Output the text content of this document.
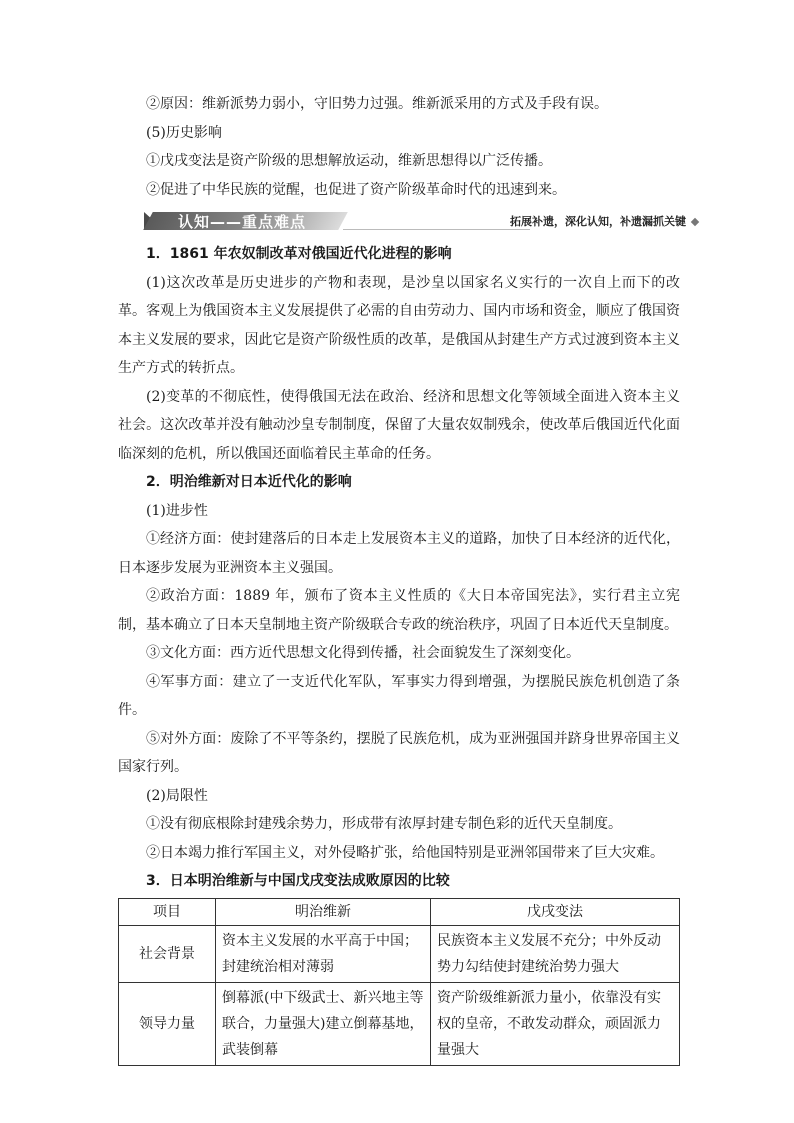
②原因：维新派势力弱小，守旧势力过强。维新派采用的方式及手段有误。

(5)历史影响

①戊戌变法是资产阶级的思想解放运动，维新思想得以广泛传播。

②促进了中华民族的觉醒，也促进了资产阶级革命时代的迅速到来。

认知——重点难点	拓展补遗，深化认知，补遗漏抓关键

1．1861 年农奴制改革对俄国近代化进程的影响

(1)这次改革是历史进步的产物和表现，是沙皇以国家名义实行的一次自上而下的改革。客观上为俄国资本主义发展提供了必需的自由劳动力、国内市场和资金，顺应了俄国资本主义发展的要求，因此它是资产阶级性质的改革，是俄国从封建生产方式过渡到资本主义生产方式的转折点。

(2)变革的不彻底性，使得俄国无法在政治、经济和思想文化等领域全面进入资本主义社会。这次改革并没有触动沙皇专制制度，保留了大量农奴制残余，使改革后俄国近代化面临深刻的危机，所以俄国还面临着民主革命的任务。

2．明治维新对日本近代化的影响

(1)进步性

①经济方面：使封建落后的日本走上发展资本主义的道路，加快了日本经济的近代化，日本逐步发展为亚洲资本主义强国。

②政治方面：1889 年，颁布了资本主义性质的《大日本帝国宪法》，实行君主立宪制，基本确立了日本天皇制地主资产阶级联合专政的统治秩序，巩固了日本近代天皇制度。

③文化方面：西方近代思想文化得到传播，社会面貌发生了深刻变化。

④军事方面：建立了一支近代化军队，军事实力得到增强，为摆脱民族危机创造了条件。

⑤对外方面：废除了不平等条约，摆脱了民族危机，成为亚洲强国并跻身世界帝国主义国家行列。

(2)局限性

①没有彻底根除封建残余势力，形成带有浓厚封建专制色彩的近代天皇制度。

②日本竭力推行军国主义，对外侵略扩张，给他国特别是亚洲邻国带来了巨大灾难。

3．日本明治维新与中国戊戌变法成败原因的比较

项目	明治维新	戊戌变法
社会背景	资本主义发展的水平高于中国；封建统治相对薄弱	民族资本主义发展不充分；中外反动势力勾结使封建统治势力强大
领导力量	倒幕派(中下级武士、新兴地主等联合，力量强大)建立倒幕基地，武装倒幕	资产阶级维新派力量小，依靠没有实权的皇帝，不敢发动群众，顽固派力量强大
